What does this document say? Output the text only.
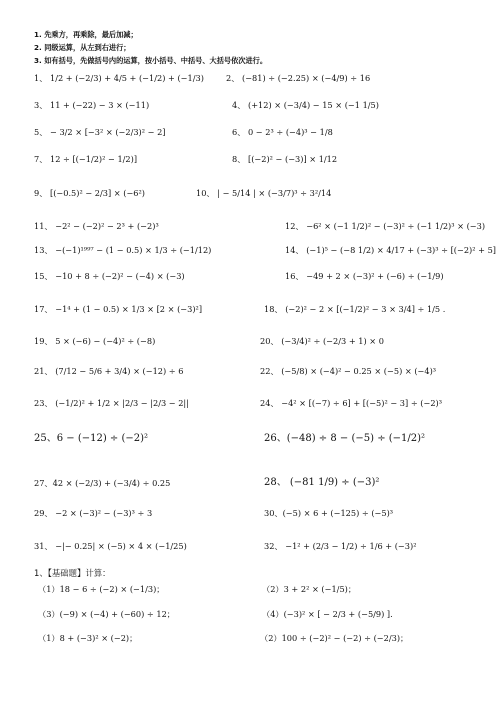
1. 先乘方，再乘除，最后加减；
2. 同级运算，从左到右进行；
3. 如有括号，先做括号内的运算，按小括号、中括号、大括号依次进行。
1、 1/2 + (−2/3) + 4/5 + (−1/2) + (−1/3)	2、 (−81) ÷ (−2.25) × (−4/9) ÷ 16
3、 11 + (−22) − 3 × (−11)	4、 (+12) × (−3/4) − 15 × (−1 1/5)
5、 − 3/2 × [−3² × (−2/3)² − 2]	6、 0 − 2³ ÷ (−4)³ − 1/8
7、 12 ÷ [(−1/2)² − 1/2)]	8、 [(−2)² − (−3)] × 1/12
9、 [(−0.5)² − 2/3] × (−6²)	10、 | − 5/14 | × (−3/7)³ ÷ 3²/14
11、 −2² − (−2)² − 2³ + (−2)³	12、 −6² × (−1 1/2)² − (−3)² ÷ (−1 1/2)³ × (−3)
13、 −(−1)¹⁹⁹⁷ − (1 − 0.5) × 1/3 ÷ (−1/12)	14、 (−1)⁵ − (−8 1/2) × 4/17 + (−3)³ ÷ [(−2)² + 5]
15、 −10 + 8 ÷ (−2)² − (−4) × (−3)	16、 −49 + 2 × (−3)² + (−6) ÷ (−1/9)
17、 −1⁴ + (1 − 0.5) × 1/3 × [2 × (−3)²]	18、 (−2)² − 2 × [(−1/2)² − 3 × 3/4] ÷ 1/5 .
19、 5 × (−6) − (−4)² ÷ (−8)	20、 (−3/4)² ÷ (−2/3 + 1) × 0
21、 (7/12 − 5/6 + 3/4) × (−12) ÷ 6	22、 (−5/8) × (−4)² − 0.25 × (−5) × (−4)³
23、 (−1/2)² + 1/2 × |2/3 − |2/3 − 2||	24、 −4² × [(−7) ÷ 6] + [(−5)² − 3] ÷ (−2)³
25、6 − (−12) ÷ (−2)²	26、(−48) ÷ 8 − (−5) ÷ (−1/2)²
27、42 × (−2/3) + (−3/4) ÷ 0.25	28、 (−81 1/9) ÷ (−3)²
29、 −2 × (−3)² − (−3)³ ÷ 3	30、(−5) × 6 + (−125) ÷ (−5)³
31、 −|− 0.25| × (−5) × 4 × (−1/25)	32、 −1² + (2/3 − 1/2) ÷ 1/6 + (−3)²
1、【基础题】计算：
（1）18 − 6 ÷ (−2) × (−1/3)；	（2）3 + 2² × (−1/5)；
（3）(−9) × (−4) + (−60) ÷ 12；	（4）(−3)² × [ − 2/3 + (−5/9) ].
（1）8 + (−3)² × (−2)；	（2）100 ÷ (−2)² − (−2) ÷ (−2/3)；
